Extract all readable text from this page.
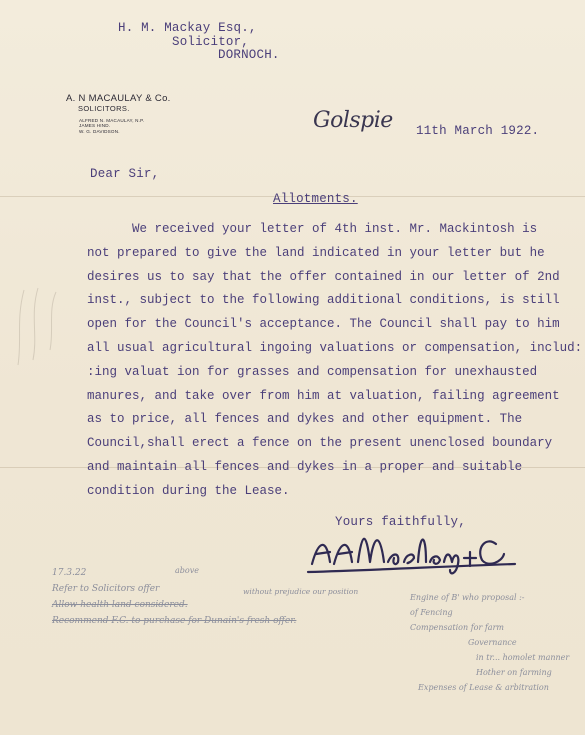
H. M. Mackay Esq.,
Solicitor,
DORNOCH.
A. N MACAULAY & Co.
SOLICITORS.
ALFRED N. MACAULAY, N.P.
JAMES HIND.
W. G. DAVIDSON.	Golspie 11th March 1922.
Dear Sir,
Allotments.
We received your letter of 4th inst. Mr. Mackintosh is
not prepared to give the land indicated in your letter but he
desires us to say that the offer contained in our letter of 2nd
inst., subject to the following additional conditions, is still
open for the Council's acceptance. The Council shall pay to him
all usual agricultural ingoing valuations or compensation, includ:
:ing valuat ion for grasses and compensation for unexhausted
manures, and take over from him at valuation, failing agreement
as to price, all fences and dykes and other equipment. The
Council,shall erect a fence on the present unenclosed boundary
and maintain all fences and dykes in a proper and suitable
condition during the Lease.
Yours faithfully,
above
17.3.22
Refer to Solicitors offer
Allow health land considered.
Recommend F.C. to purchase for Dunain's fresh offer.
without prejudice our position
Engine of B' who proposal :-
of Fencing
Compensation for farm
Governance
in tr... homolet manner
Hother on farming
Expenses of Lease & arbitration
